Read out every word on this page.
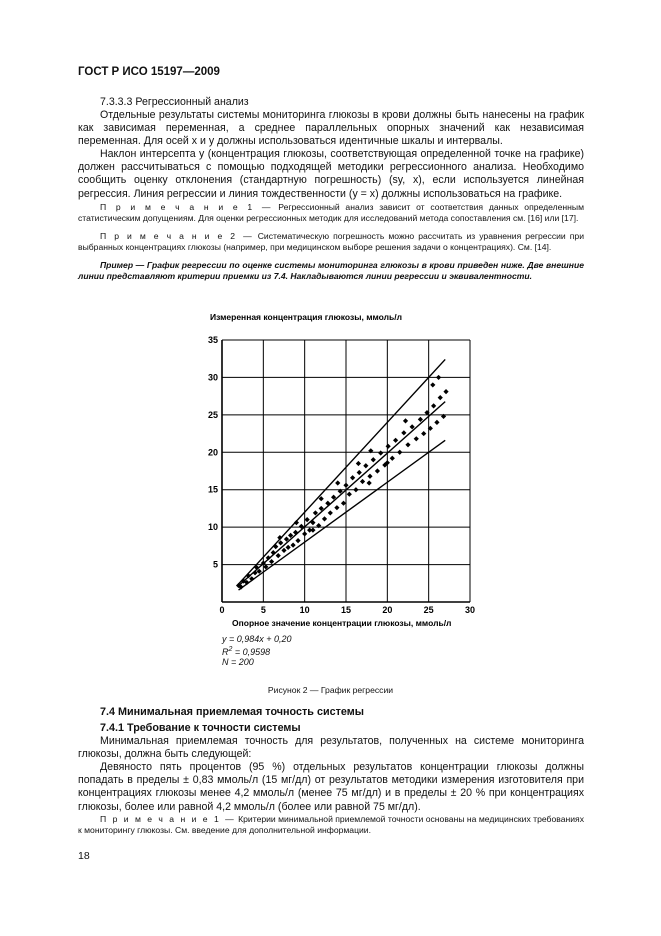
ГОСТ Р ИСО 15197—2009
7.3.3.3 Регрессионный анализ
Отдельные результаты системы мониторинга глюкозы в крови должны быть нанесены на график как зависимая переменная, а среднее параллельных опорных значений как независимая переменная. Для осей x и y должны использоваться идентичные шкалы и интервалы.
Наклон интерсепта y (концентрация глюкозы, соответствующая определенной точке на графике) должен рассчитываться с помощью подходящей методики регрессионного анализа. Необходимо сообщить оценку отклонения (стандартную погрешность) (sy, x), если используется линейная регрессия. Линия регрессии и линия тождественности (y = x) должны использоваться на графике.
П р и м е ч а н и е 1 — Регрессионный анализ зависит от соответствия данных определенным статистическим допущениям. Для оценки регрессионных методик для исследований метода сопоставления см. [16] или [17].
П р и м е ч а н и е 2 — Систематическую погрешность можно рассчитать из уравнения регрессии при выбранных концентрациях глюкозы (например, при медицинском выборе решения задачи о концентрациях). См. [14].
Пример — График регрессии по оценке системы мониторинга глюкозы в крови приведен ниже. Две внешние линии представляют критерии приемки из 7.4. Накладываются линии регрессии и эквивалентности.
0	5	10	15	20	25	30
5
10
15
20
25
30
35
Измеренная концентрация глюкозы, ммоль/л
Опорное значение концентрации глюкозы, ммоль/л
y = 0,984x + 0,20
$R^2 = 0,9598$
N = 200
Рисунок 2 — График регрессии
7.4 Минимальная приемлемая точность системы
7.4.1 Требование к точности системы
Минимальная приемлемая точность для результатов, полученных на системе мониторинга глюкозы, должна быть следующей:
Девяносто пять процентов (95 %) отдельных результатов концентрации глюкозы должны попадать в пределы ± 0,83 ммоль/л (15 мг/дл) от результатов методики измерения изготовителя при концентрациях глюкозы менее 4,2 ммоль/л (менее 75 мг/дл) и в пределы ± 20 % при концентрациях глюкозы, более или равной 4,2 ммоль/л (более или равной 75 мг/дл).
П р и м е ч а н и е 1 — Критерии минимальной приемлемой точности основаны на медицинских требованиях к мониторингу глюкозы. См. введение для дополнительной информации.
18
